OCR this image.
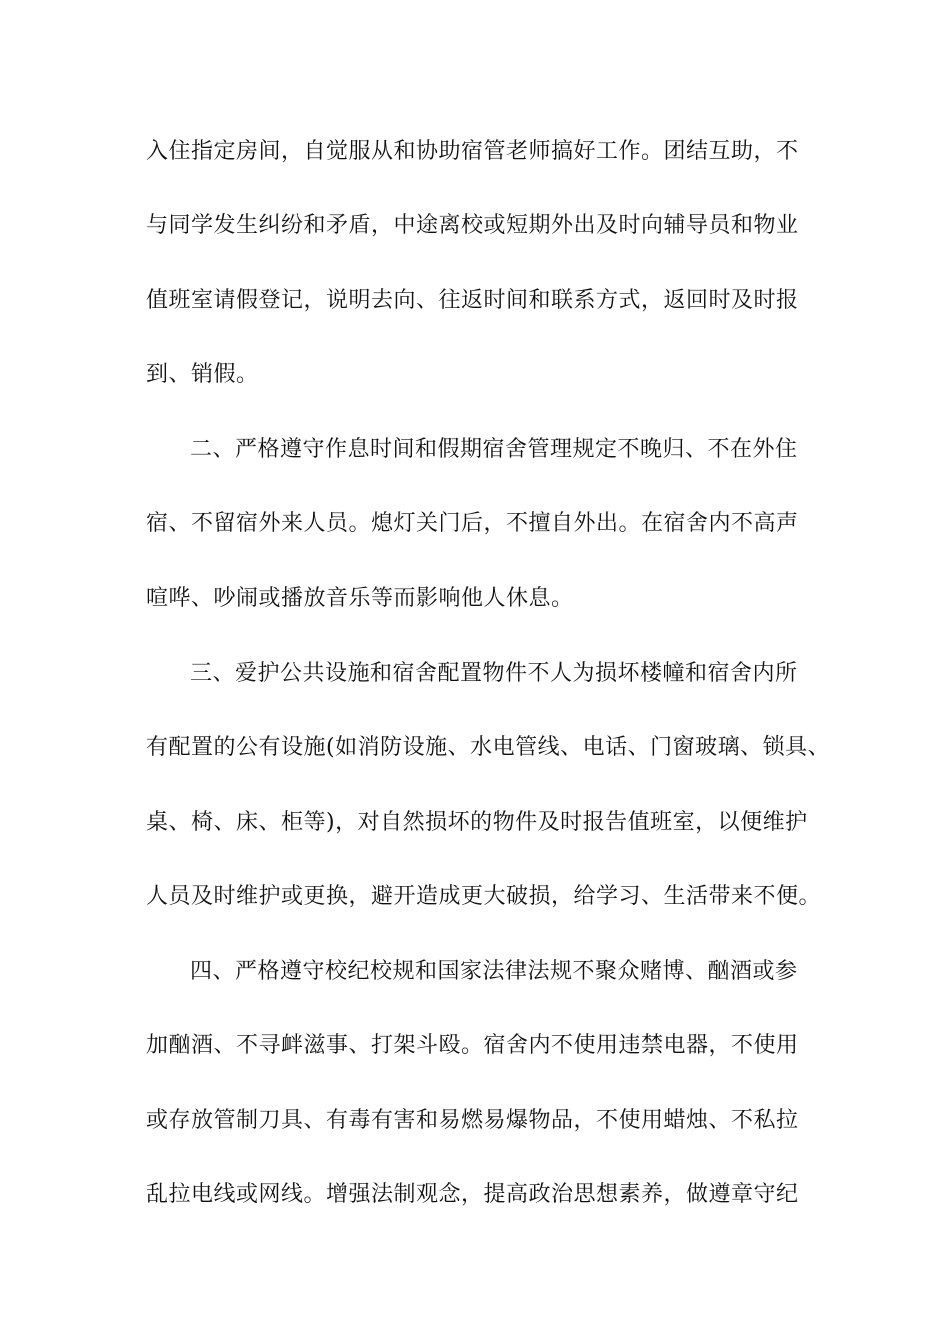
入住指定房间，自觉服从和协助宿管老师搞好工作。团结互助，不
与同学发生纠纷和矛盾，中途离校或短期外出及时向辅导员和物业
值班室请假登记，说明去向、往返时间和联系方式，返回时及时报
到、销假。
二、严格遵守作息时间和假期宿舍管理规定不晚归、不在外住
宿、不留宿外来人员。熄灯关门后，不擅自外出。在宿舍内不高声
喧哗、吵闹或播放音乐等而影响他人休息。
三、爱护公共设施和宿舍配置物件不人为损坏楼幢和宿舍内所
有配置的公有设施(如消防设施、水电管线、电话、门窗玻璃、锁具、
桌、椅、床、柜等)，对自然损坏的物件及时报告值班室，以便维护
人员及时维护或更换，避开造成更大破损，给学习、生活带来不便。
四、严格遵守校纪校规和国家法律法规不聚众赌博、酗酒或参
加酗酒、不寻衅滋事、打架斗殴。宿舍内不使用违禁电器，不使用
或存放管制刀具、有毒有害和易燃易爆物品，不使用蜡烛、不私拉
乱拉电线或网线。增强法制观念，提高政治思想素养，做遵章守纪
